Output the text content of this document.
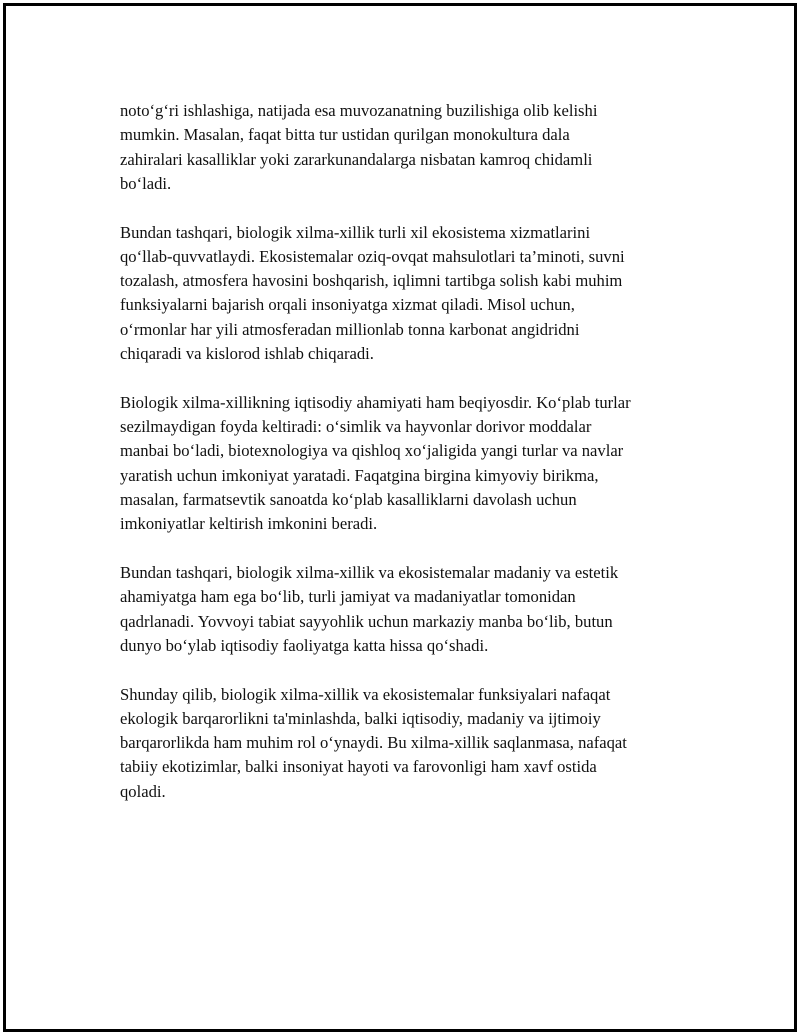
noto‘g‘ri ishlashiga, natijada esa muvozanatning buzilishiga olib kelishi
mumkin. Masalan, faqat bitta tur ustidan qurilgan monokultura dala
zahiralari kasalliklar yoki zararkunandalarga nisbatan kamroq chidamli
bo‘ladi.

Bundan tashqari, biologik xilma-xillik turli xil ekosistema xizmatlarini
qo‘llab-quvvatlaydi. Ekosistemalar oziq-ovqat mahsulotlari ta’minoti, suvni
tozalash, atmosfera havosini boshqarish, iqlimni tartibga solish kabi muhim
funksiyalarni bajarish orqali insoniyatga xizmat qiladi. Misol uchun,
o‘rmonlar har yili atmosferadan millionlab tonna karbonat angidridni
chiqaradi va kislorod ishlab chiqaradi.

Biologik xilma-xillikning iqtisodiy ahamiyati ham beqiyosdir. Ko‘plab turlar
sezilmaydigan foyda keltiradi: o‘simlik va hayvonlar dorivor moddalar
manbai bo‘ladi, biotexnologiya va qishloq xo‘jaligida yangi turlar va navlar
yaratish uchun imkoniyat yaratadi. Faqatgina birgina kimyoviy birikma,
masalan, farmatsevtik sanoatda ko‘plab kasalliklarni davolash uchun
imkoniyatlar keltirish imkonini beradi.

Bundan tashqari, biologik xilma-xillik va ekosistemalar madaniy va estetik
ahamiyatga ham ega bo‘lib, turli jamiyat va madaniyatlar tomonidan
qadrlanadi. Yovvoyi tabiat sayyohlik uchun markaziy manba bo‘lib, butun
dunyo bo‘ylab iqtisodiy faoliyatga katta hissa qo‘shadi.

Shunday qilib, biologik xilma-xillik va ekosistemalar funksiyalari nafaqat
ekologik barqarorlikni ta'minlashda, balki iqtisodiy, madaniy va ijtimoiy
barqarorlikda ham muhim rol o‘ynaydi. Bu xilma-xillik saqlanmasa, nafaqat
tabiiy ekotizimlar, balki insoniyat hayoti va farovonligi ham xavf ostida
qoladi.
